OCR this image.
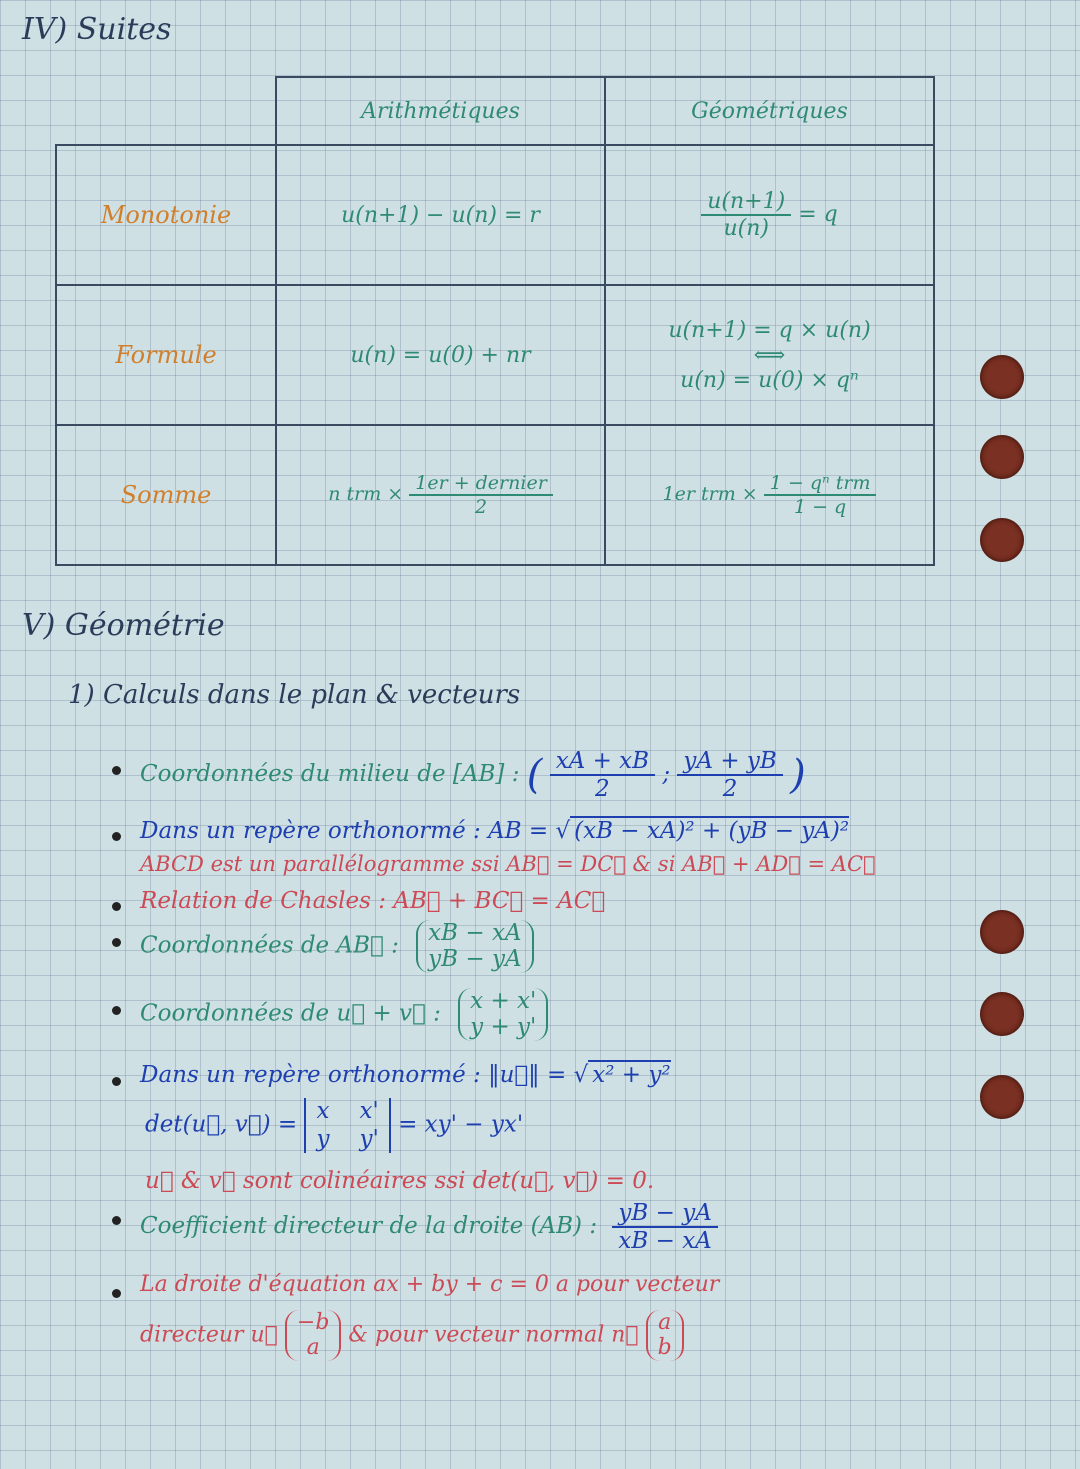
IV) Suites
	Arithmétiques	Géométriques
Monotonie	u(n+1) − u(n) = r	$\frac{u(n+1)}{u(n)} = q$
Formule	u(n) = u(0) + nr	u(n+1) = q × u(n)
⟺
u(n) = u(0) × qⁿ

Somme	n trm × $\frac{\text{1er + dernier}}{2}$	1er trm × $\frac{\text{1 − qⁿ trm}}{1 - q}$
V) Géométrie
1) Calculs dans le plan & vecteurs
Coordonnées du milieu de [AB] : ( $\frac{xA + xB}{2}$ ; $\frac{yA + yB}{2}$ )
Dans un repère orthonormé : AB = √ (xB − xA)² + (yB − yA)²
ABCD est un parallélogramme ssi AB⃗ = DC⃗ & si AB⃗ + AD⃗ = AC⃗
Relation de Chasles : AB⃗ + BC⃗ = AC⃗
Coordonnées de AB⃗ : xB − xA
yB − yA
Coordonnées de u⃗ + v⃗ : x + x'
y + y'
Dans un repère orthonormé : ‖u⃗‖ = √ x² + y²
det(u⃗, v⃗) =
x x'
y y'
= xy' − yx'
u⃗ & v⃗ sont colinéaires ssi det(u⃗, v⃗) = 0.
Coefficient directeur de la droite (AB) : $\frac{yB - yA}{xB - xA}$
La droite d'équation ax + by + c = 0 a pour vecteur
directeur u⃗ −b
a
& pour vecteur normal n⃗ a
b
